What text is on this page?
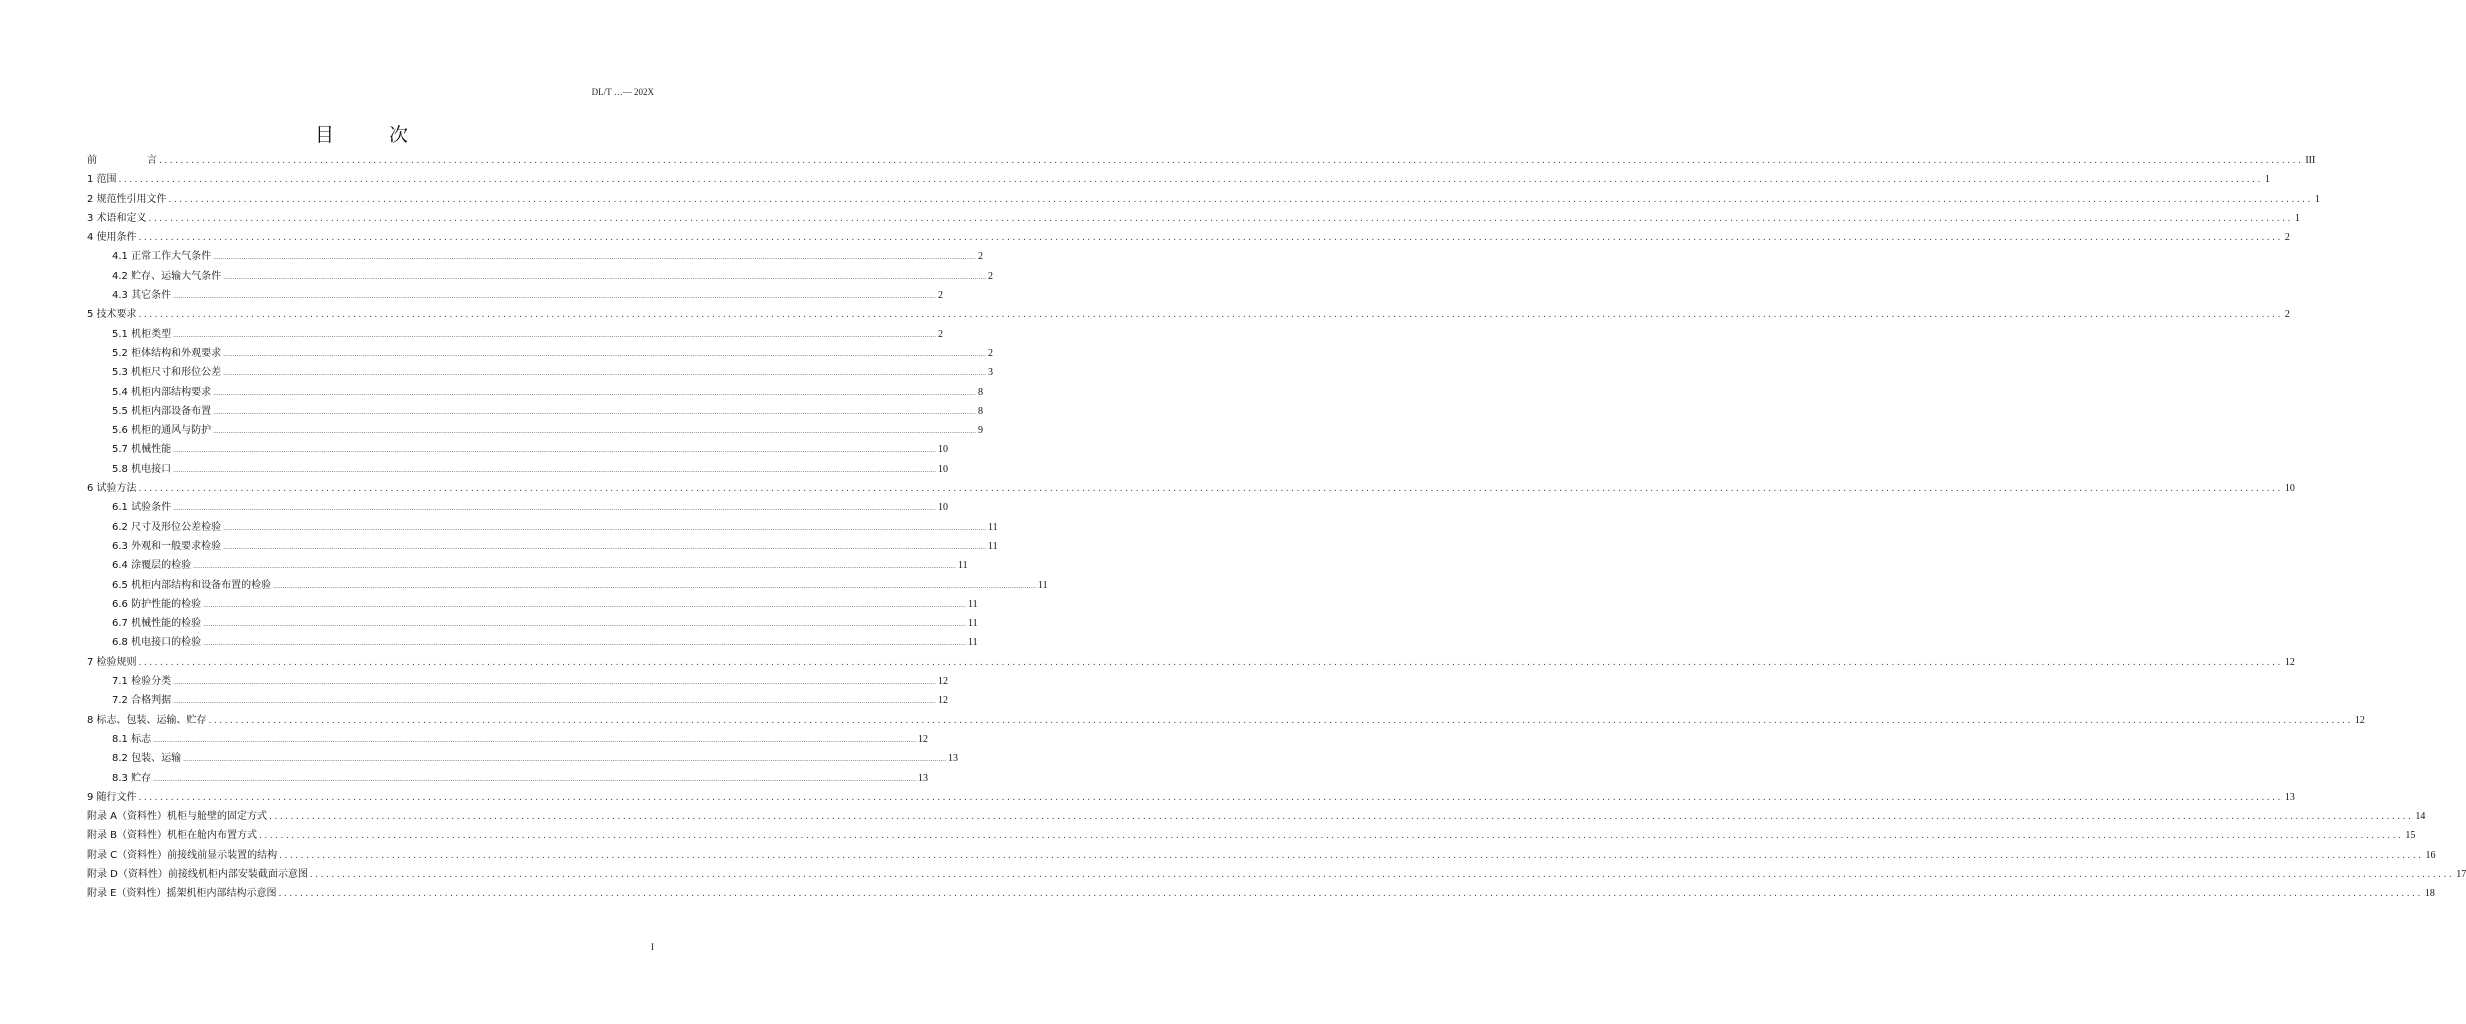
DL/T …— 202X
目	次
前	言 ................................................................................................................................................................................................................................................................................................................................................................................................................ III
1 范围 ................................................................................................................................................................................................................................................................................................................................................................................................................ 1
2 规范性引用文件 ................................................................................................................................................................................................................................................................................................................................................................................................................ 1
3 术语和定义 ................................................................................................................................................................................................................................................................................................................................................................................................................ 1
4 使用条件 ................................................................................................................................................................................................................................................................................................................................................................................................................ 2
4.1 正常工作大气条件 ................................................................................................................................................................................................................................................................................................................................................................................................................ 2
4.2 贮存、运输大气条件 ................................................................................................................................................................................................................................................................................................................................................................................................................ 2
4.3 其它条件 ................................................................................................................................................................................................................................................................................................................................................................................................................ 2
5 技术要求 ................................................................................................................................................................................................................................................................................................................................................................................................................ 2
5.1 机柜类型 ................................................................................................................................................................................................................................................................................................................................................................................................................ 2
5.2 柜体结构和外观要求 ................................................................................................................................................................................................................................................................................................................................................................................................................ 2
5.3 机柜尺寸和形位公差 ................................................................................................................................................................................................................................................................................................................................................................................................................ 3
5.4 机柜内部结构要求 ................................................................................................................................................................................................................................................................................................................................................................................................................ 8
5.5 机柜内部设备布置 ................................................................................................................................................................................................................................................................................................................................................................................................................ 8
5.6 机柜的通风与防护 ................................................................................................................................................................................................................................................................................................................................................................................................................ 9
5.7 机械性能 ................................................................................................................................................................................................................................................................................................................................................................................................................ 10
5.8 机电接口 ................................................................................................................................................................................................................................................................................................................................................................................................................ 10
6 试验方法 ................................................................................................................................................................................................................................................................................................................................................................................................................ 10
6.1 试验条件 ................................................................................................................................................................................................................................................................................................................................................................................................................ 10
6.2 尺寸及形位公差检验 ................................................................................................................................................................................................................................................................................................................................................................................................................ 11
6.3 外观和一般要求检验 ................................................................................................................................................................................................................................................................................................................................................................................................................ 11
6.4 涂覆层的检验 ................................................................................................................................................................................................................................................................................................................................................................................................................ 11
6.5 机柜内部结构和设备布置的检验 ................................................................................................................................................................................................................................................................................................................................................................................................................ 11
6.6 防护性能的检验 ................................................................................................................................................................................................................................................................................................................................................................................................................ 11
6.7 机械性能的检验 ................................................................................................................................................................................................................................................................................................................................................................................................................ 11
6.8 机电接口的检验 ................................................................................................................................................................................................................................................................................................................................................................................................................ 11
7 检验规则 ................................................................................................................................................................................................................................................................................................................................................................................................................ 12
7.1 检验分类 ................................................................................................................................................................................................................................................................................................................................................................................................................ 12
7.2 合格判据 ................................................................................................................................................................................................................................................................................................................................................................................................................ 12
8 标志、包装、运输、贮存 ................................................................................................................................................................................................................................................................................................................................................................................................................ 12
8.1 标志 ................................................................................................................................................................................................................................................................................................................................................................................................................ 12
8.2 包装、运输 ................................................................................................................................................................................................................................................................................................................................................................................................................ 13
8.3 贮存 ................................................................................................................................................................................................................................................................................................................................................................................................................ 13
9 随行文件 ................................................................................................................................................................................................................................................................................................................................................................................................................ 13
附录 A（资料性）机柜与舱壁的固定方式 ................................................................................................................................................................................................................................................................................................................................................................................................................ 14
附录 B（资料性）机柜在舱内布置方式 ................................................................................................................................................................................................................................................................................................................................................................................................................ 15
附录 C（资料性）前接线前显示装置的结构 ................................................................................................................................................................................................................................................................................................................................................................................................................ 16
附录 D（资料性）前接线机柜内部安装截面示意图 ................................................................................................................................................................................................................................................................................................................................................................................................................ 17
附录 E（资料性）摇架机柜内部结构示意图 ................................................................................................................................................................................................................................................................................................................................................................................................................ 18
I
